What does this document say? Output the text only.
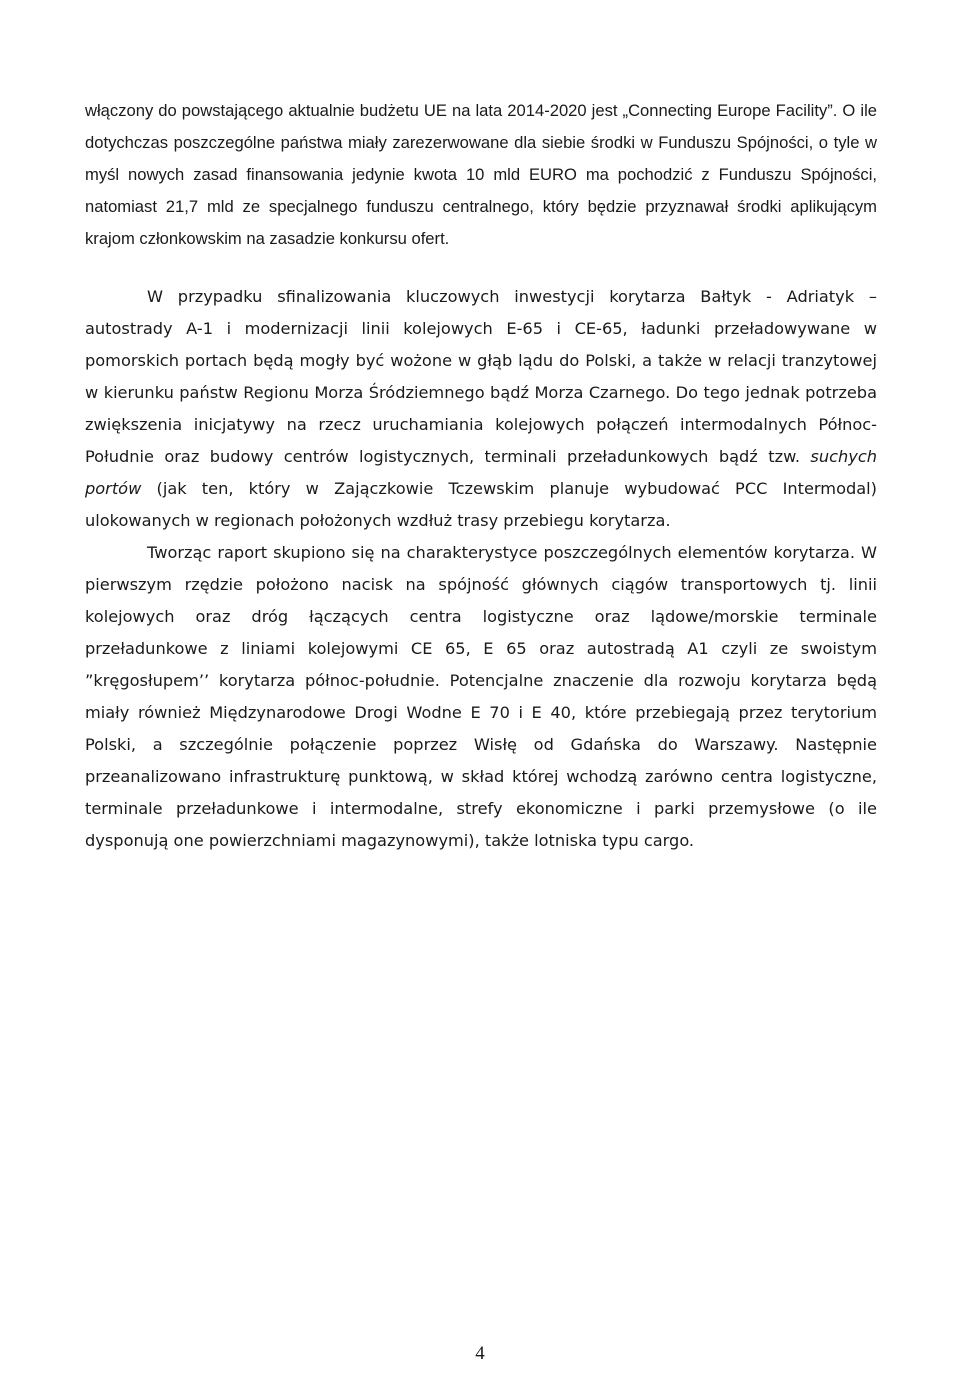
włączony do powstającego aktualnie budżetu UE na lata 2014-2020 jest „Connecting Europe Facility”. O ile dotychczas poszczególne państwa miały zarezerwowane dla siebie środki w Funduszu Spójności, o tyle w myśl nowych zasad finansowania jedynie kwota 10 mld EURO ma pochodzić z Funduszu Spójności, natomiast 21,7 mld ze specjalnego funduszu centralnego, który będzie przyznawał środki aplikującym krajom członkowskim na zasadzie konkursu ofert.

W przypadku sfinalizowania kluczowych inwestycji korytarza Bałtyk - Adriatyk – autostrady A-1 i modernizacji linii kolejowych E-65 i CE-65, ładunki przeładowywane w pomorskich portach będą mogły być wożone w głąb lądu do Polski, a także w relacji tranzytowej w kierunku państw Regionu Morza Śródziemnego bądź Morza Czarnego. Do tego jednak potrzeba zwiększenia inicjatywy na rzecz uruchamiania kolejowych połączeń intermodalnych Północ-Południe oraz budowy centrów logistycznych, terminali przeładunkowych bądź tzw. suchych portów (jak ten, który w Zajączkowie Tczewskim planuje wybudować PCC Intermodal) ulokowanych w regionach położonych wzdłuż trasy przebiegu korytarza.

Tworząc raport skupiono się na charakterystyce poszczególnych elementów korytarza. W pierwszym rzędzie położono nacisk na spójność głównych ciągów transportowych tj. linii kolejowych oraz dróg łączących centra logistyczne oraz lądowe/morskie terminale przeładunkowe z liniami kolejowymi CE 65, E 65 oraz autostradą A1 czyli ze swoistym ”kręgosłupem’’ korytarza północ-południe. Potencjalne znaczenie dla rozwoju korytarza będą miały również Międzynarodowe Drogi Wodne E 70 i E 40, które przebiegają przez terytorium Polski, a szczególnie połączenie poprzez Wisłę od Gdańska do Warszawy. Następnie przeanalizowano infrastrukturę punktową, w skład której wchodzą zarówno centra logistyczne, terminale przeładunkowe i intermodalne, strefy ekonomiczne i parki przemysłowe (o ile dysponują one powierzchniami magazynowymi), także lotniska typu cargo.

4
